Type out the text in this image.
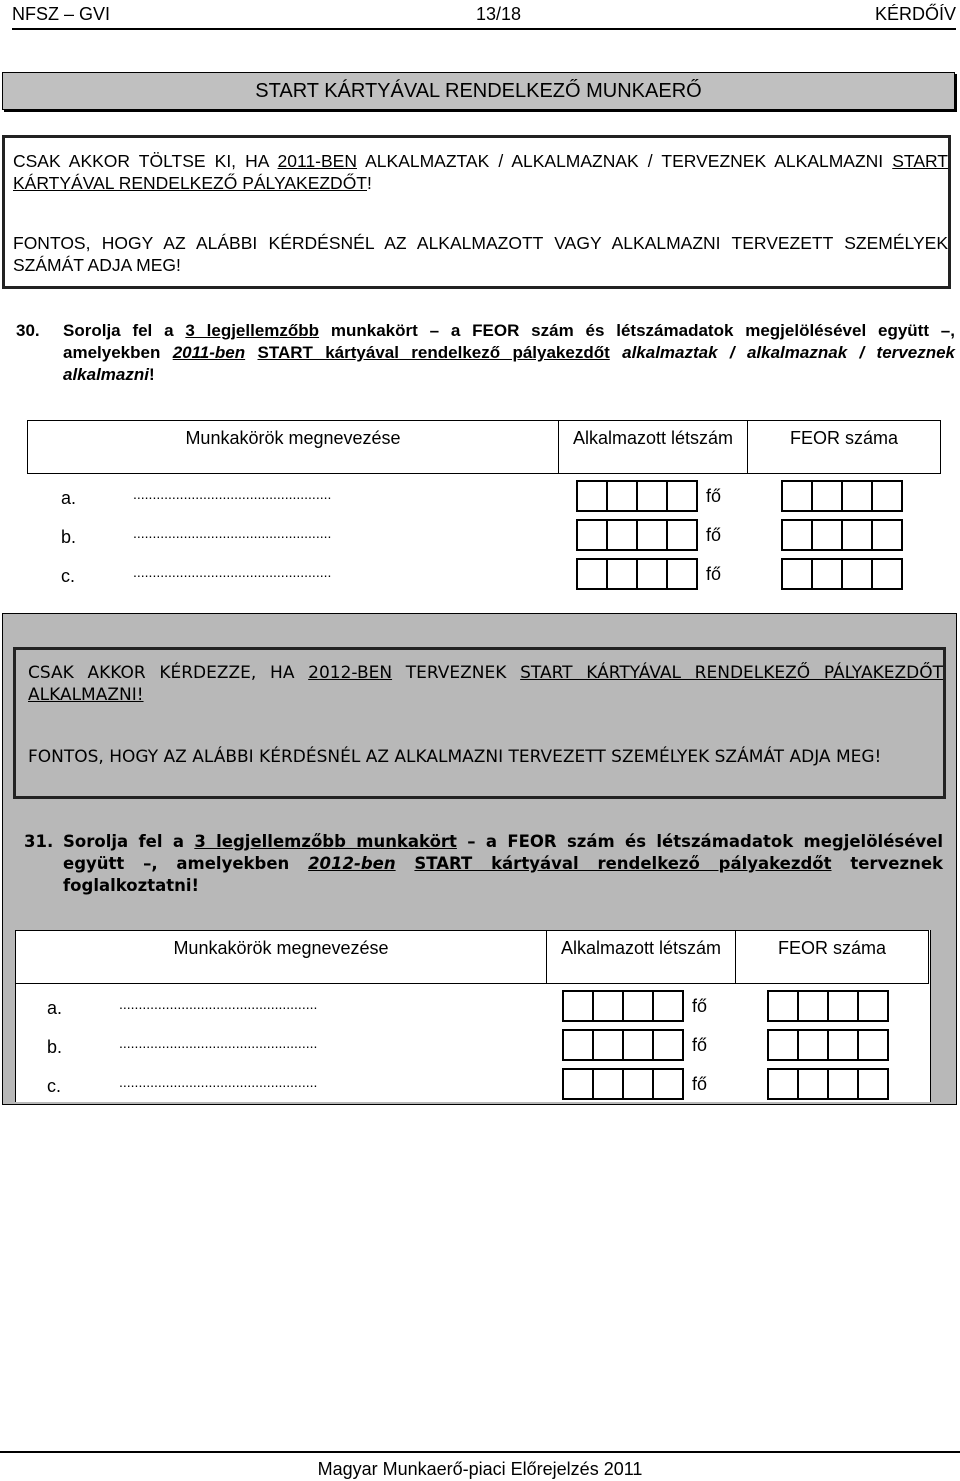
NFSZ – GVI	13/18	KÉRDŐÍV
START KÁRTYÁVAL RENDELKEZŐ MUNKAERŐ

CSAK AKKOR TÖLTSE KI, HA 2011-BEN ALKALMAZTAK / ALKALMAZNAK / TERVEZNEK ALKALMAZNI START KÁRTYÁVAL RENDELKEZŐ PÁLYAKEZDŐT!

FONTOS, HOGY AZ ALÁBBI KÉRDÉSNÉL AZ ALKALMAZOTT VAGY ALKALMAZNI TERVEZETT SZEMÉLYEK SZÁMÁT ADJA MEG!

30. Sorolja fel a 3 legjellemzőbb munkakört – a FEOR szám és létszámadatok megjelölésével együtt –, amelyekben 2011-ben START kártyával rendelkező pályakezdőt alkalmaztak / alkalmaznak / terveznek alkalmazni!
Munkakörök megnevezése	Alkalmazott létszám	FEOR száma
a.	...................................................	fő
b.	...................................................	fő
c.	...................................................	fő

CSAK AKKOR KÉRDEZZE, HA 2012-BEN TERVEZNEK START KÁRTYÁVAL RENDELKEZŐ PÁLYAKEZDŐT ALKALMAZNI!

FONTOS, HOGY AZ ALÁBBI KÉRDÉSNÉL AZ ALKALMAZNI TERVEZETT SZEMÉLYEK SZÁMÁT ADJA MEG!

31. Sorolja fel a 3 legjellemzőbb munkakört – a FEOR szám és létszámadatok megjelölésével együtt –, amelyekben 2012-ben START kártyával rendelkező pályakezdőt terveznek foglalkoztatni!
Munkakörök megnevezése	Alkalmazott létszám	FEOR száma
a.	...................................................	fő
b.	...................................................	fő
c.	...................................................	fő
Magyar Munkaerő-piaci Előrejelzés 2011
